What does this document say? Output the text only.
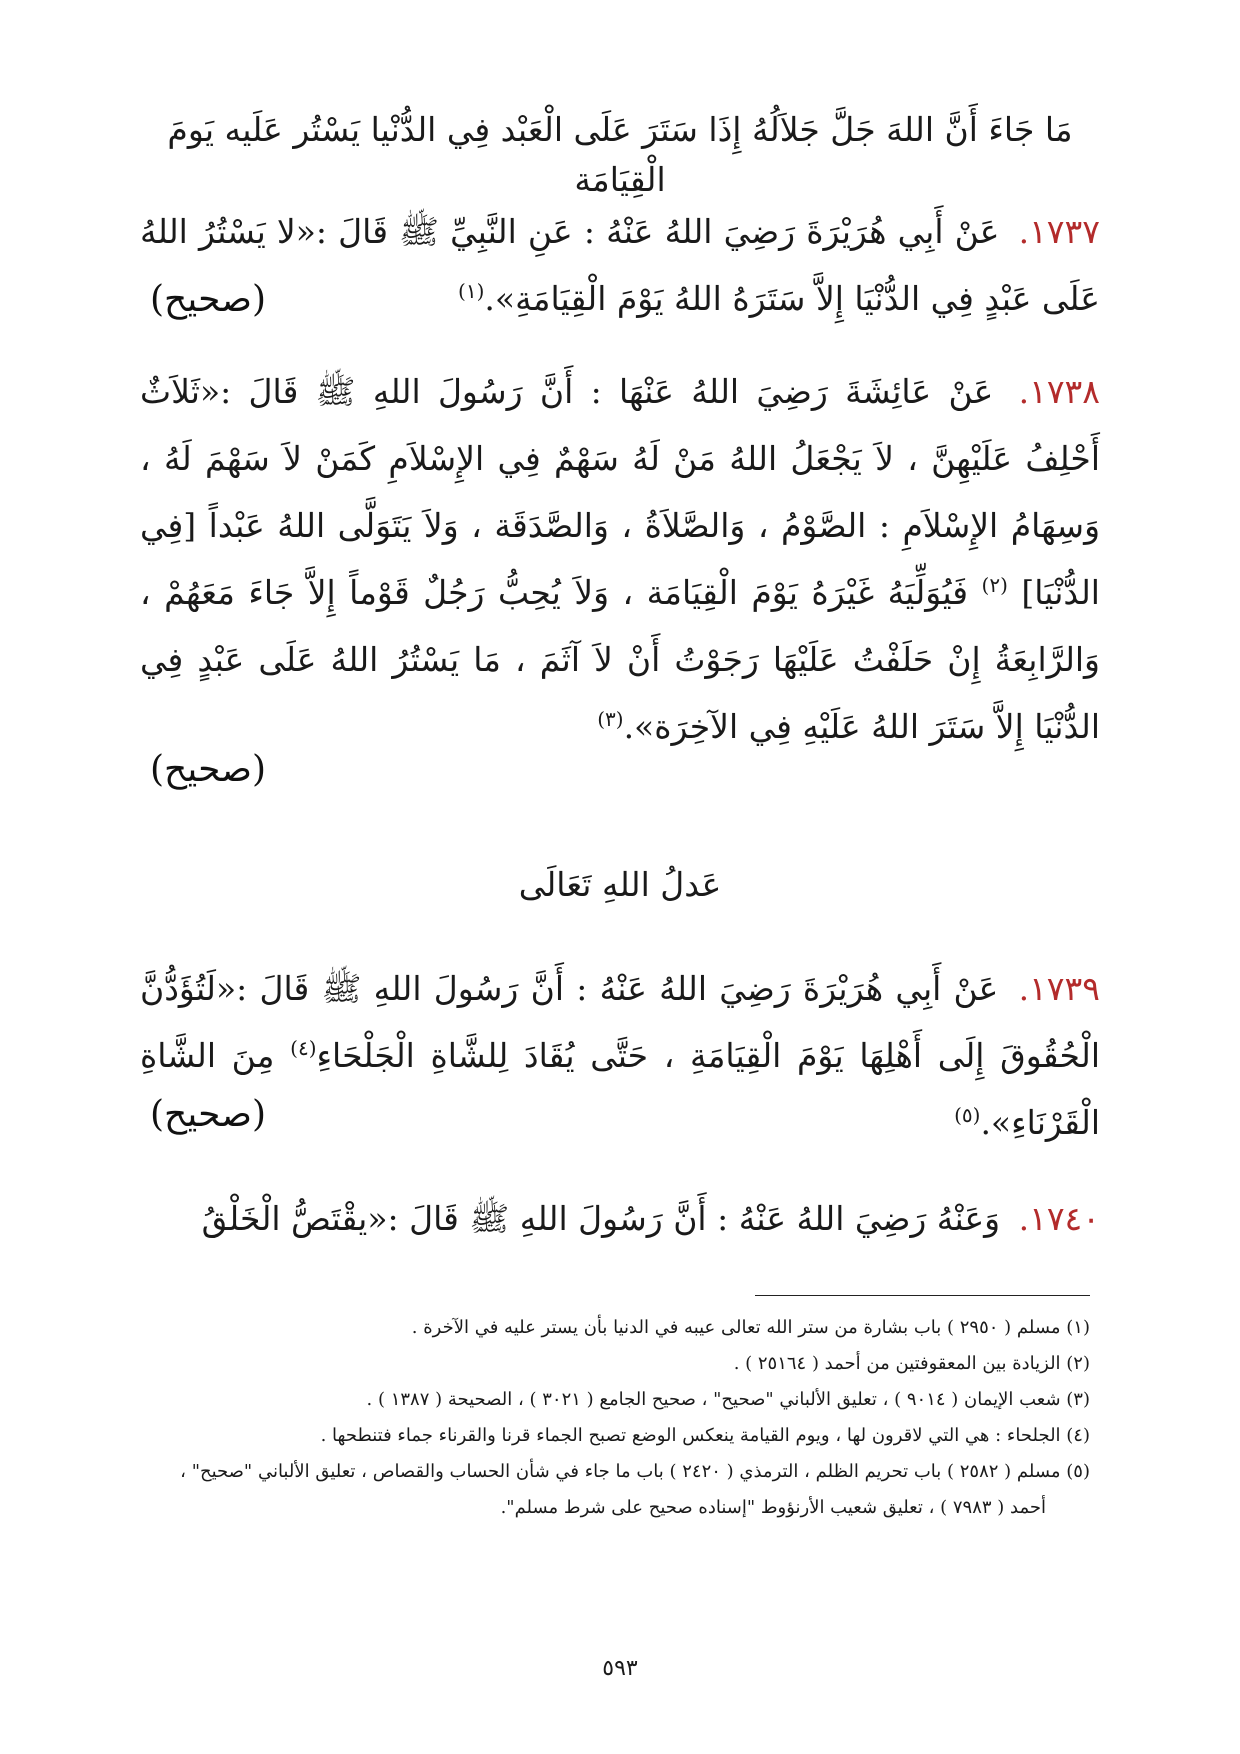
مَا جَاءَ أَنَّ اللهَ جَلَّ جَلاَلُهُ إِذَا سَتَرَ عَلَى الْعَبْد فِي الدُّنْيا يَسْتُر عَلَيه يَومَ الْقِيَامَة
١٧٣٧. عَنْ أَبِي هُرَيْرَةَ رَضِيَ اللهُ عَنْهُ : عَنِ النَّبِيِّ ﷺ قَالَ :«لا يَسْتُرُ اللهُ عَلَى عَبْدٍ فِي الدُّنْيَا إِلاَّ سَتَرَهُ اللهُ يَوْمَ الْقِيَامَةِ».$^{(١)}$
(صحيح)
١٧٣٨. عَنْ عَائِشَةَ رَضِيَ اللهُ عَنْهَا : أَنَّ رَسُولَ اللهِ ﷺ قَالَ :«ثَلاَثٌ أَحْلِفُ عَلَيْهِنَّ ، لاَ يَجْعَلُ اللهُ مَنْ لَهُ سَهْمٌ فِي الإِسْلاَمِ كَمَنْ لاَ سَهْمَ لَهُ ، وَسِهَامُ الإِسْلاَمِ : الصَّوْمُ ، وَالصَّلاَةُ ، وَالصَّدَقَة ، وَلاَ يَتَوَلَّى اللهُ عَبْداً [فِي الدُّنْيَا] $^{(٢)}$ فَيُوَلِّيَهُ غَيْرَهُ يَوْمَ الْقِيَامَة ، وَلاَ يُحِبُّ رَجُلٌ قَوْماً إِلاَّ جَاءَ مَعَهُمْ ، وَالرَّابِعَةُ إِنْ حَلَفْتُ عَلَيْهَا رَجَوْتُ أَنْ لاَ آثَمَ ، مَا يَسْتُرُ اللهُ عَلَى عَبْدٍ فِي الدُّنْيَا إِلاَّ سَتَرَ اللهُ عَلَيْهِ فِي الآخِرَة».$^{(٣)}$
(صحيح)
عَدلُ اللهِ تَعَالَى
١٧٣٩. عَنْ أَبِي هُرَيْرَةَ رَضِيَ اللهُ عَنْهُ : أَنَّ رَسُولَ اللهِ ﷺ قَالَ :«لَتُؤَدُّنَّ الْحُقُوقَ إِلَى أَهْلِهَا يَوْمَ الْقِيَامَةِ ، حَتَّى يُقَادَ لِلشَّاةِ الْجَلْحَاءِ$^{(٤)}$ مِنَ الشَّاةِ الْقَرْنَاءِ».$^{(٥)}$
(صحيح)
١٧٤٠. وَعَنْهُ رَضِيَ اللهُ عَنْهُ : أَنَّ رَسُولَ اللهِ ﷺ قَالَ :«يقْتَصُّ الْخَلْقُ
(١) مسلم ( ٢٩٥٠ ) باب بشارة من ستر الله تعالى عيبه في الدنيا بأن يستر عليه في الآخرة .
(٢) الزيادة بين المعقوفتين من أحمد ( ٢٥١٦٤ ) .
(٣) شعب الإيمان ( ٩٠١٤ ) ، تعليق الألباني "صحيح" ، صحيح الجامع ( ٣٠٢١ ) ، الصحيحة ( ١٣٨٧ ) .
(٤) الجلحاء : هي التي لاقرون لها ، ويوم القيامة ينعكس الوضع تصبح الجماء قرنا والقرناء جماء فتنطحها .
(٥) مسلم ( ٢٥٨٢ ) باب تحريم الظلم ، الترمذي ( ٢٤٢٠ ) باب ما جاء في شأن الحساب والقصاص ، تعليق الألباني "صحيح" ،
أحمد ( ٧٩٨٣ ) ، تعليق شعيب الأرنؤوط "إسناده صحيح على شرط مسلم".
٥٩٣
